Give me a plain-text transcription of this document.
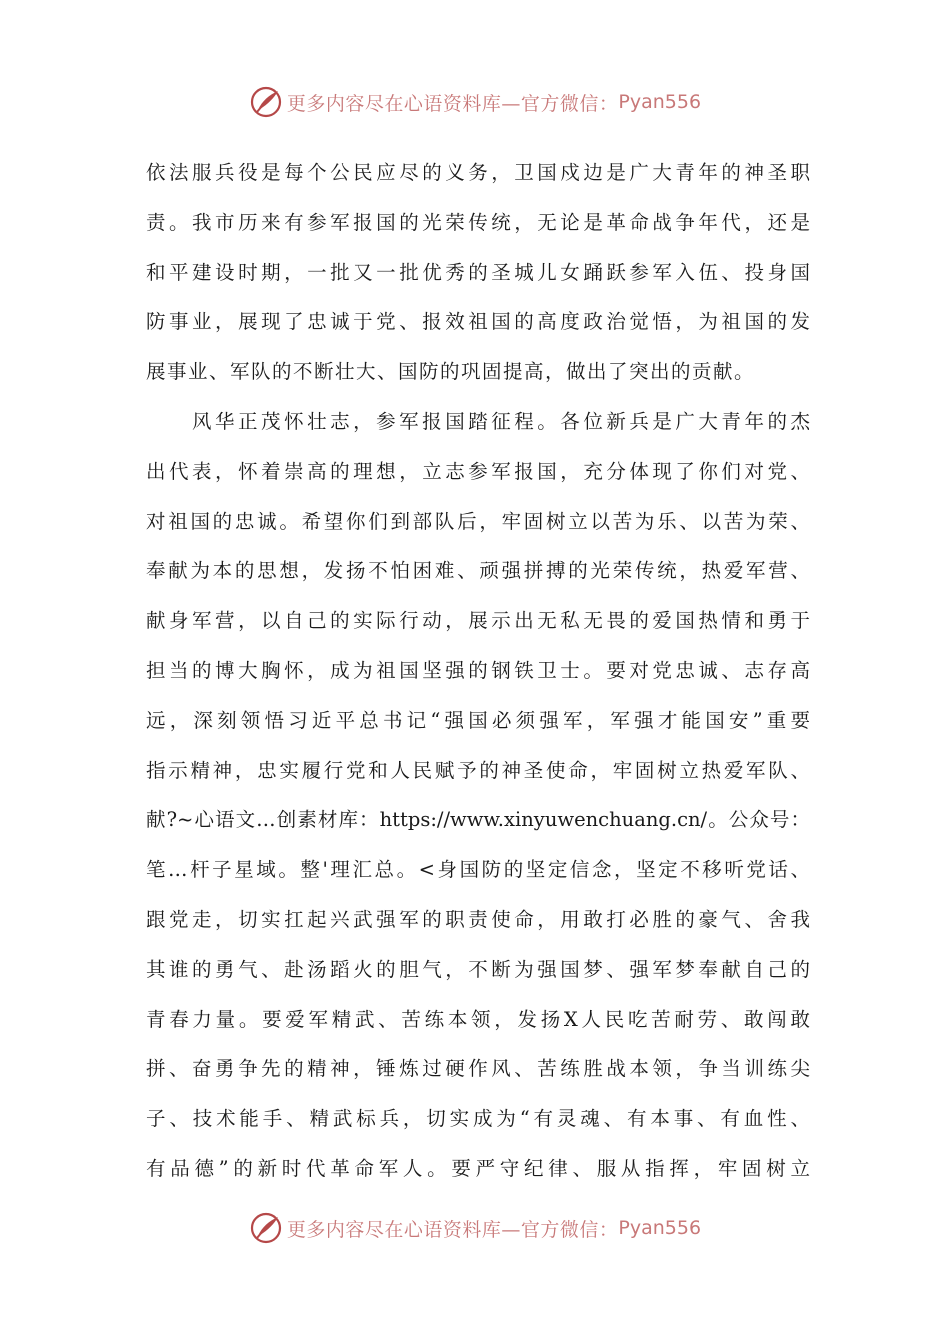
更多内容尽在心语资料库—官方微信： Pyan556
依法服兵役是每个公民应尽的义务，卫国戍边是广大青年的神圣职
责。我市历来有参军报国的光荣传统，无论是革命战争年代，还是
和平建设时期，一批又一批优秀的圣城儿女踊跃参军入伍、投身国
防事业，展现了忠诚于党、报效祖国的高度政治觉悟，为祖国的发
展事业、军队的不断壮大、国防的巩固提高，做出了突出的贡献。
风华正茂怀壮志，参军报国踏征程。各位新兵是广大青年的杰
出代表，怀着崇高的理想，立志参军报国，充分体现了你们对党、
对祖国的忠诚。希望你们到部队后，牢固树立以苦为乐、以苦为荣、
奉献为本的思想，发扬不怕困难、顽强拼搏的光荣传统，热爱军营、
献身军营，以自己的实际行动，展示出无私无畏的爱国热情和勇于
担当的博大胸怀，成为祖国坚强的钢铁卫士。要对党忠诚、志存高
远，深刻领悟习近平总书记“强国必须强军，军强才能国安”重要
指示精神，忠实履行党和人民赋予的神圣使命，牢固树立热爱军队、
献?~心语文…创素材库：https://www.xinyuwenchuang.cn/。公众号：
笔…杆子星域。整'理汇总。<身国防的坚定信念，坚定不移听党话、
跟党走，切实扛起兴武强军的职责使命，用敢打必胜的豪气、舍我
其谁的勇气、赴汤蹈火的胆气，不断为强国梦、强军梦奉献自己的
青春力量。要爱军精武、苦练本领，发扬X人民吃苦耐劳、敢闯敢
拼、奋勇争先的精神，锤炼过硬作风、苦练胜战本领，争当训练尖
子、技术能手、精武标兵，切实成为“有灵魂、有本事、有血性、
有品德”的新时代革命军人。要严守纪律、服从指挥，牢固树立
更多内容尽在心语资料库—官方微信： Pyan556
